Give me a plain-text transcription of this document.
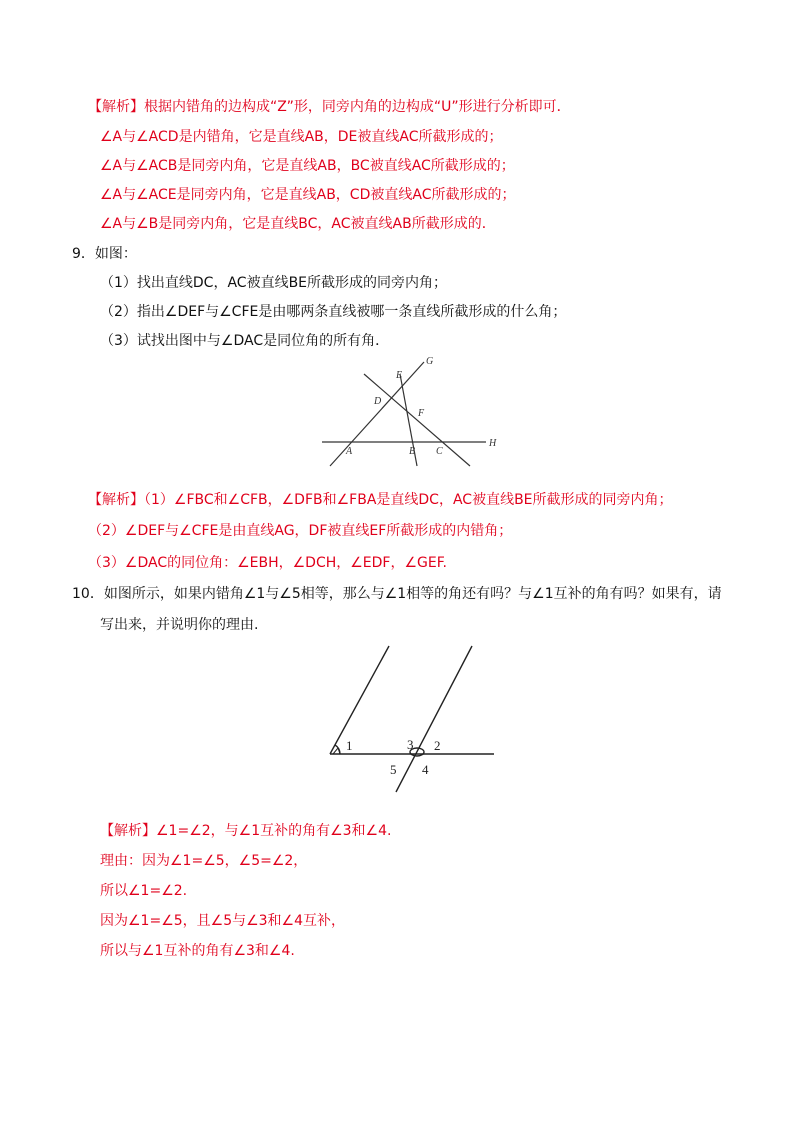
【解析】根据内错角的边构成“Z”形，同旁内角的边构成“U”形进行分析即可．
∠A与∠ACD是内错角，它是直线AB，DE被直线AC所截形成的；
∠A与∠ACB是同旁内角，它是直线AB，BC被直线AC所截形成的；
∠A与∠ACE是同旁内角，它是直线AB，CD被直线AC所截形成的；
∠A与∠B是同旁内角，它是直线BC，AC被直线AB所截形成的．
9．如图：
（1）找出直线DC，AC被直线BE所截形成的同旁内角；
（2）指出∠DEF与∠CFE是由哪两条直线被哪一条直线所截形成的什么角；
（3）试找出图中与∠DAC是同位角的所有角．
G
E
D
F
H
A	B C
【解析】（1）∠FBC和∠CFB，∠DFB和∠FBA是直线DC，AC被直线BE所截形成的同旁内角；
（2）∠DEF与∠CFE是由直线AG，DF被直线EF所截形成的内错角；
（3）∠DAC的同位角：∠EBH，∠DCH，∠EDF，∠GEF.
10．如图所示，如果内错角∠1与∠5相等，那么与∠1相等的角还有吗？与∠1互补的角有吗？如果有，请
写出来，并说明你的理由.
1	2
3
4
5
【解析】∠1=∠2，与∠1互补的角有∠3和∠4.
理由：因为∠1=∠5，∠5=∠2，
所以∠1=∠2.
因为∠1=∠5，且∠5与∠3和∠4互补，
所以与∠1互补的角有∠3和∠4.
